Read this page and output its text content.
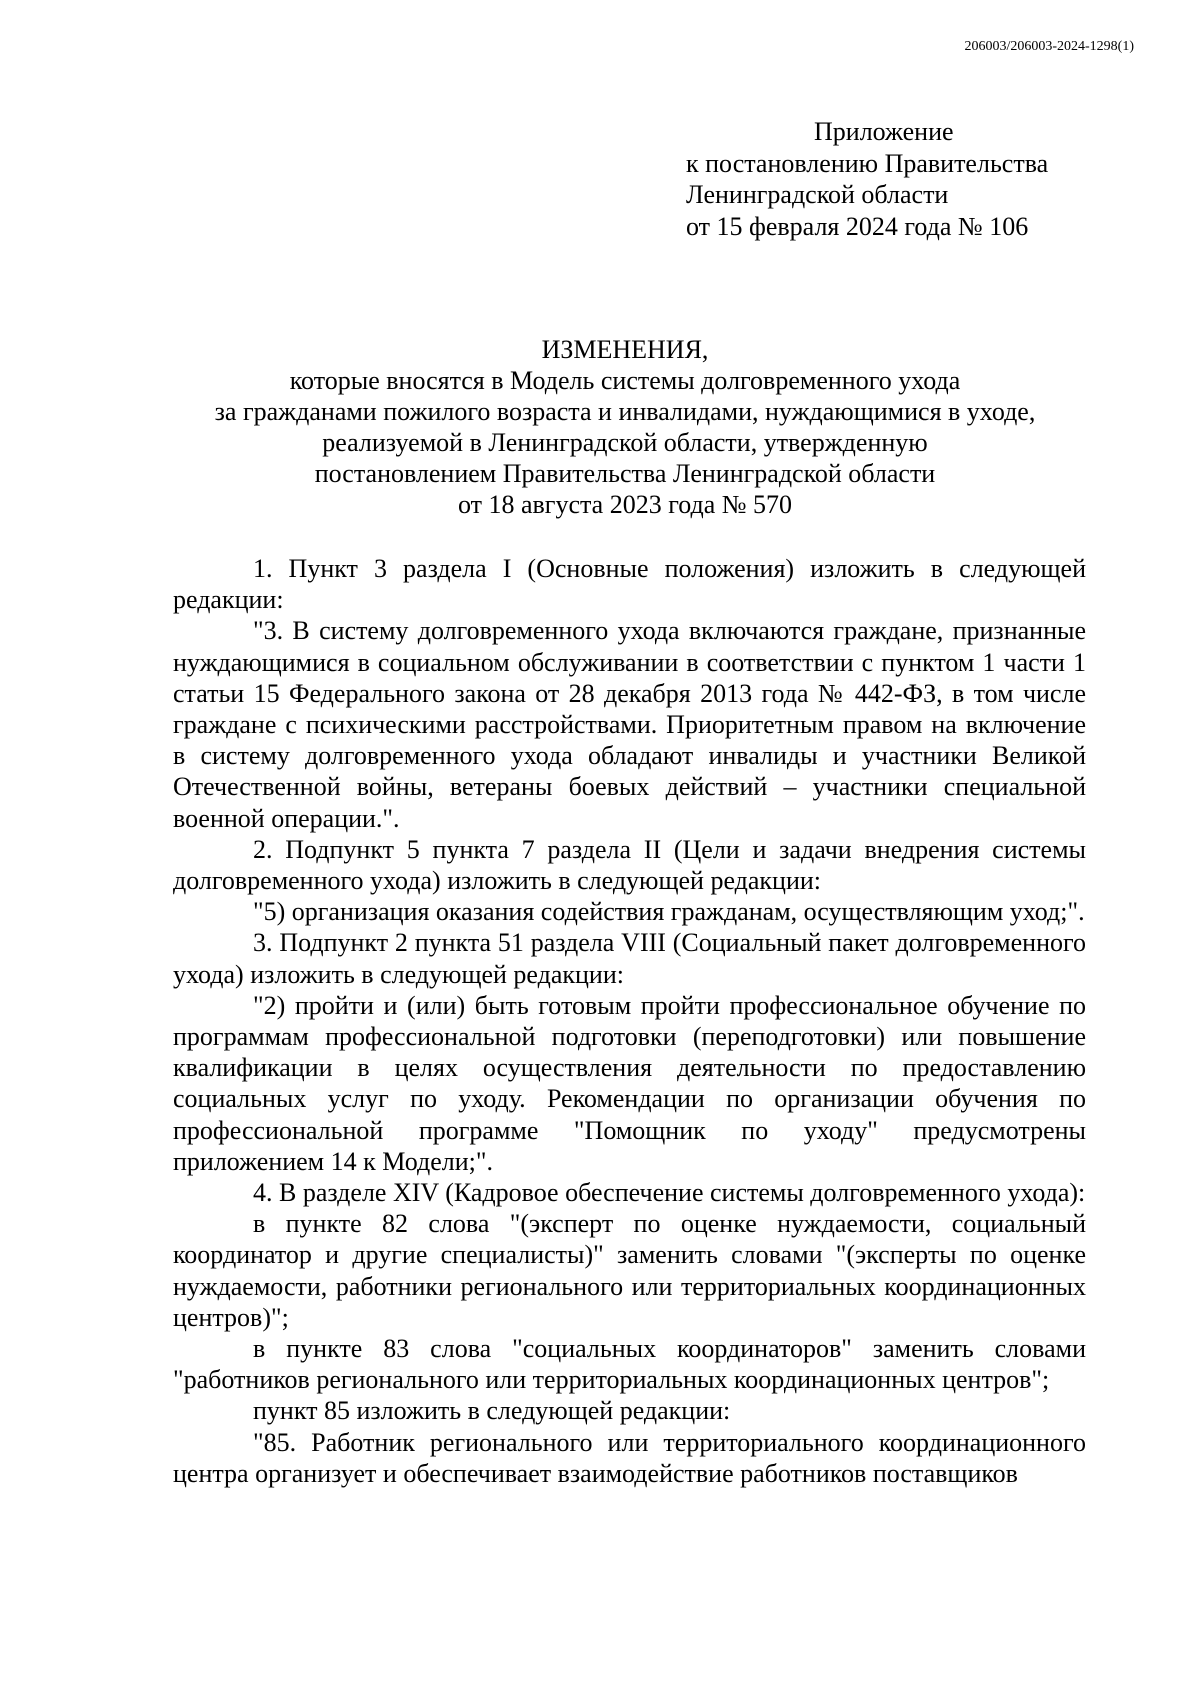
206003/206003-2024-1298(1)
Приложение
к постановлению Правительства
Ленинградской области
от 15 февраля 2024 года № 106
ИЗМЕНЕНИЯ,
которые вносятся в Модель системы долговременного ухода
за гражданами пожилого возраста и инвалидами, нуждающимися в уходе,
реализуемой в Ленинградской области, утвержденную
постановлением Правительства Ленинградской области
от 18 августа 2023 года № 570

1. Пункт 3 раздела I (Основные положения) изложить в следующей редакции:

"3. В систему долговременного ухода включаются граждане, признанные нуждающимися в социальном обслуживании в соответствии с пунктом 1 части 1 статьи 15 Федерального закона от 28 декабря 2013 года № 442-ФЗ, в том числе граждане с психическими расстройствами. Приоритетным правом на включение в систему долговременного ухода обладают инвалиды и участники Великой Отечественной войны, ветераны боевых действий – участники специальной военной операции.".

2. Подпункт 5 пункта 7 раздела II (Цели и задачи внедрения системы долговременного ухода) изложить в следующей редакции:

"5) организация оказания содействия гражданам, осуществляющим уход;".

3. Подпункт 2 пункта 51 раздела VIII (Социальный пакет долговременного ухода) изложить в следующей редакции:

"2) пройти и (или) быть готовым пройти профессиональное обучение по программам профессиональной подготовки (переподготовки) или повышение квалификации в целях осуществления деятельности по предоставлению социальных услуг по уходу. Рекомендации по организации обучения по профессиональной программе "Помощник по уходу" предусмотрены приложением 14 к Модели;".

4. В разделе XIV (Кадровое обеспечение системы долговременного ухода):

в пункте 82 слова "(эксперт по оценке нуждаемости, социальный координатор и другие специалисты)" заменить словами "(эксперты по оценке нуждаемости, работники регионального или территориальных координационных центров)";

в пункте 83 слова "социальных координаторов" заменить словами "работников регионального или территориальных координационных центров";

пункт 85 изложить в следующей редакции:

"85. Работник регионального или территориального координационного центра организует и обеспечивает взаимодействие работников поставщиков
